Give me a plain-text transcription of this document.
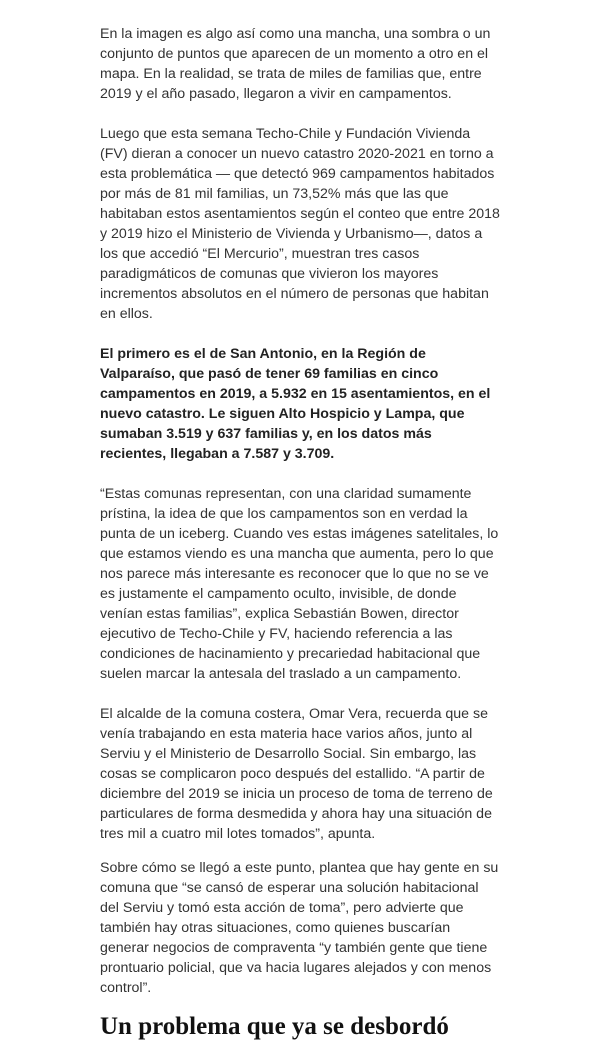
En la imagen es algo así como una mancha, una sombra o un conjunto de puntos que aparecen de un momento a otro en el mapa. En la realidad, se trata de miles de familias que, entre 2019 y el año pasado, llegaron a vivir en campamentos.

Luego que esta semana Techo-Chile y Fundación Vivienda (FV) dieran a conocer un nuevo catastro 2020-2021 en torno a esta problemática — que detectó 969 campamentos habitados por más de 81 mil familias, un 73,52% más que las que habitaban estos asentamientos según el conteo que entre 2018 y 2019 hizo el Ministerio de Vivienda y Urbanismo—, datos a los que accedió “El Mercurio”, muestran tres casos paradigmáticos de comunas que vivieron los mayores incrementos absolutos en el número de personas que habitan en ellos.

El primero es el de San Antonio, en la Región de Valparaíso, que pasó de tener 69 familias en cinco campamentos en 2019, a 5.932 en 15 asentamientos, en el nuevo catastro. Le siguen Alto Hospicio y Lampa, que sumaban 3.519 y 637 familias y, en los datos más recientes, llegaban a 7.587 y 3.709.

“Estas comunas representan, con una claridad sumamente prístina, la idea de que los campamentos son en verdad la punta de un iceberg. Cuando ves estas imágenes satelitales, lo que estamos viendo es una mancha que aumenta, pero lo que nos parece más interesante es reconocer que lo que no se ve es justamente el campamento oculto, invisible, de donde venían estas familias”, explica Sebastián Bowen, director ejecutivo de Techo-Chile y FV, haciendo referencia a las condiciones de hacinamiento y precariedad habitacional que suelen marcar la antesala del traslado a un campamento.

El alcalde de la comuna costera, Omar Vera, recuerda que se venía trabajando en esta materia hace varios años, junto al Serviu y el Ministerio de Desarrollo Social. Sin embargo, las cosas se complicaron poco después del estallido. “A partir de diciembre del 2019 se inicia un proceso de toma de terreno de particulares de forma desmedida y ahora hay una situación de tres mil a cuatro mil lotes tomados”, apunta.

Sobre cómo se llegó a este punto, plantea que hay gente en su comuna que “se cansó de esperar una solución habitacional del Serviu y tomó esta acción de toma”, pero advierte que también hay otras situaciones, como quienes buscarían generar negocios de compraventa “y también gente que tiene prontuario policial, que va hacia lugares alejados y con menos control”.

Un problema que ya se desbordó
